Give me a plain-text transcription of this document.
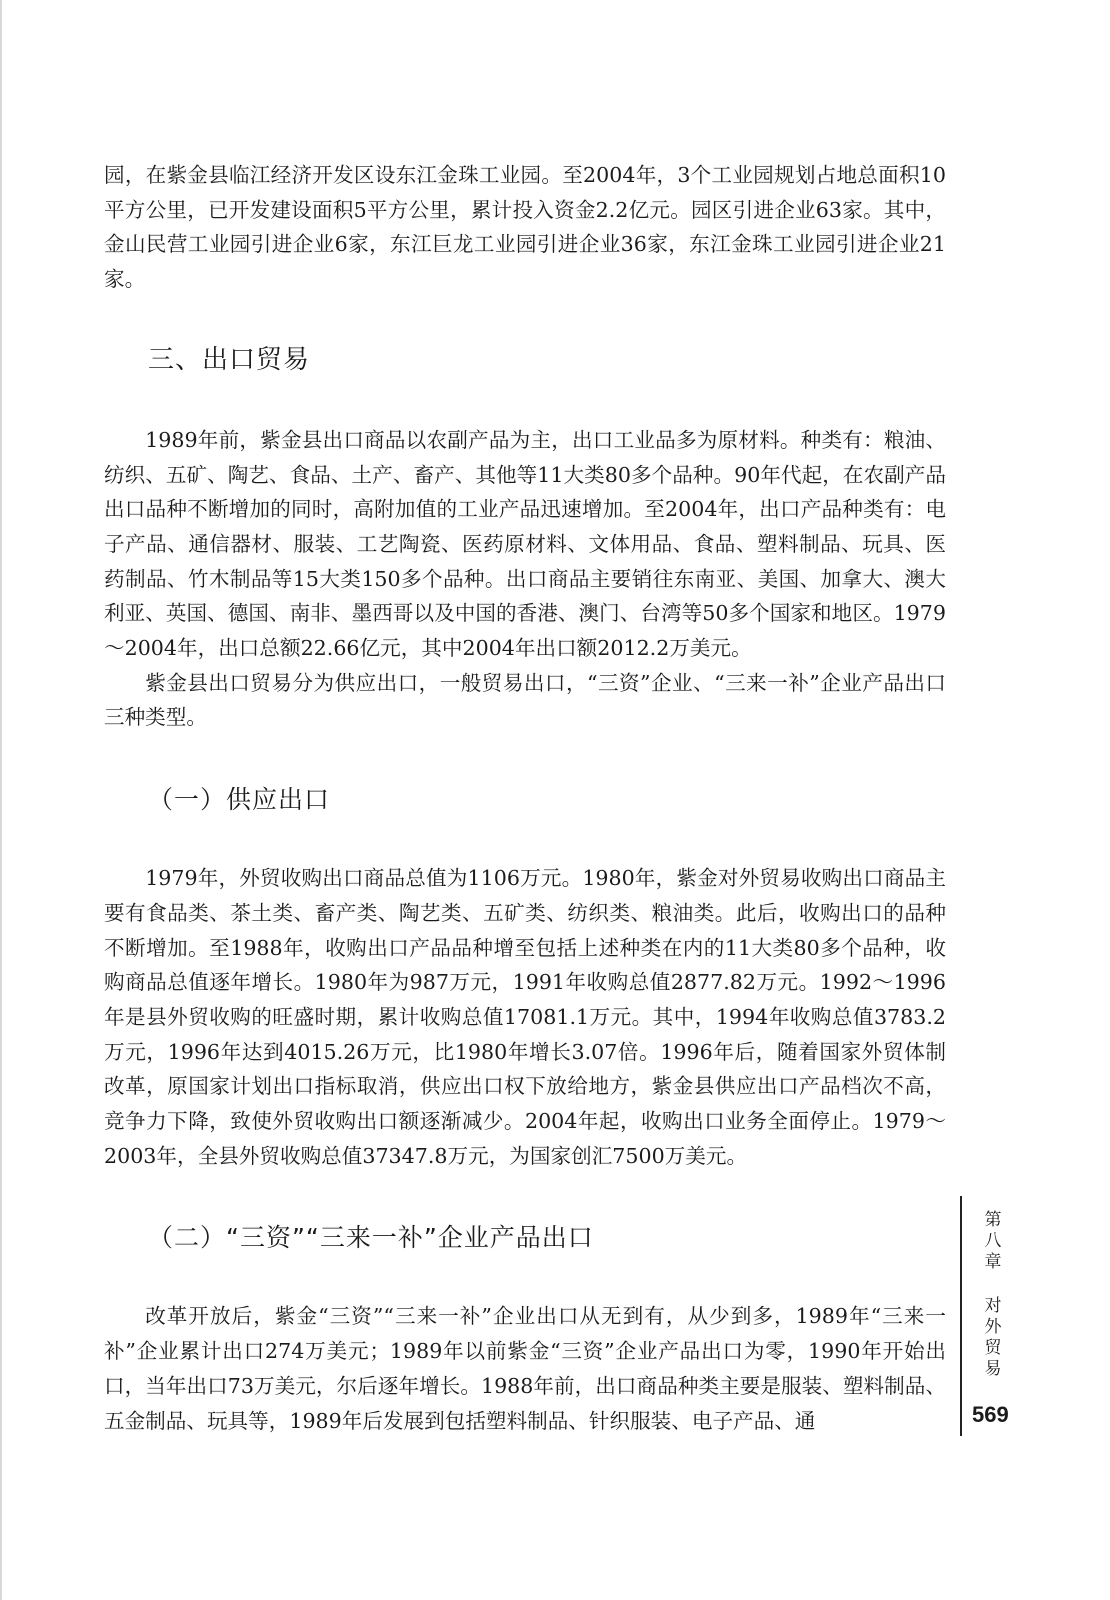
园，在紫金县临江经济开发区设东江金珠工业园。至2004年，3个工业园规划占地总面积10平方公里，已开发建设面积5平方公里，累计投入资金2.2亿元。园区引进企业63家。其中，金山民营工业园引进企业6家，东江巨龙工业园引进企业36家，东江金珠工业园引进企业21家。

三、出口贸易

1989年前，紫金县出口商品以农副产品为主，出口工业品多为原材料。种类有：粮油、纺织、五矿、陶艺、食品、土产、畜产、其他等11大类80多个品种。90年代起，在农副产品出口品种不断增加的同时，高附加值的工业产品迅速增加。至2004年，出口产品种类有：电子产品、通信器材、服装、工艺陶瓷、医药原材料、文体用品、食品、塑料制品、玩具、医药制品、竹木制品等15大类150多个品种。出口商品主要销往东南亚、美国、加拿大、澳大利亚、英国、德国、南非、墨西哥以及中国的香港、澳门、台湾等50多个国家和地区。1979～2004年，出口总额22.66亿元，其中2004年出口额2012.2万美元。

紫金县出口贸易分为供应出口，一般贸易出口，“三资”企业、“三来一补”企业产品出口三种类型。

（一）供应出口

1979年，外贸收购出口商品总值为1106万元。1980年，紫金对外贸易收购出口商品主要有食品类、茶土类、畜产类、陶艺类、五矿类、纺织类、粮油类。此后，收购出口的品种不断增加。至1988年，收购出口产品品种增至包括上述种类在内的11大类80多个品种，收购商品总值逐年增长。1980年为987万元，1991年收购总值2877.82万元。1992～1996年是县外贸收购的旺盛时期，累计收购总值17081.1万元。其中，1994年收购总值3783.2万元，1996年达到4015.26万元，比1980年增长3.07倍。1996年后，随着国家外贸体制改革，原国家计划出口指标取消，供应出口权下放给地方，紫金县供应出口产品档次不高，竞争力下降，致使外贸收购出口额逐渐减少。2004年起，收购出口业务全面停止。1979～2003年，全县外贸收购总值37347.8万元，为国家创汇7500万美元。

（二）“三资”“三来一补”企业产品出口

改革开放后，紫金“三资”“三来一补”企业出口从无到有，从少到多，1989年“三来一补”企业累计出口274万美元；1989年以前紫金“三资”企业产品出口为零，1990年开始出口，当年出口73万美元，尔后逐年增长。1988年前，出口商品种类主要是服装、塑料制品、五金制品、玩具等，1989年后发展到包括塑料制品、针织服装、电子产品、通

第八章
对外贸易
569
